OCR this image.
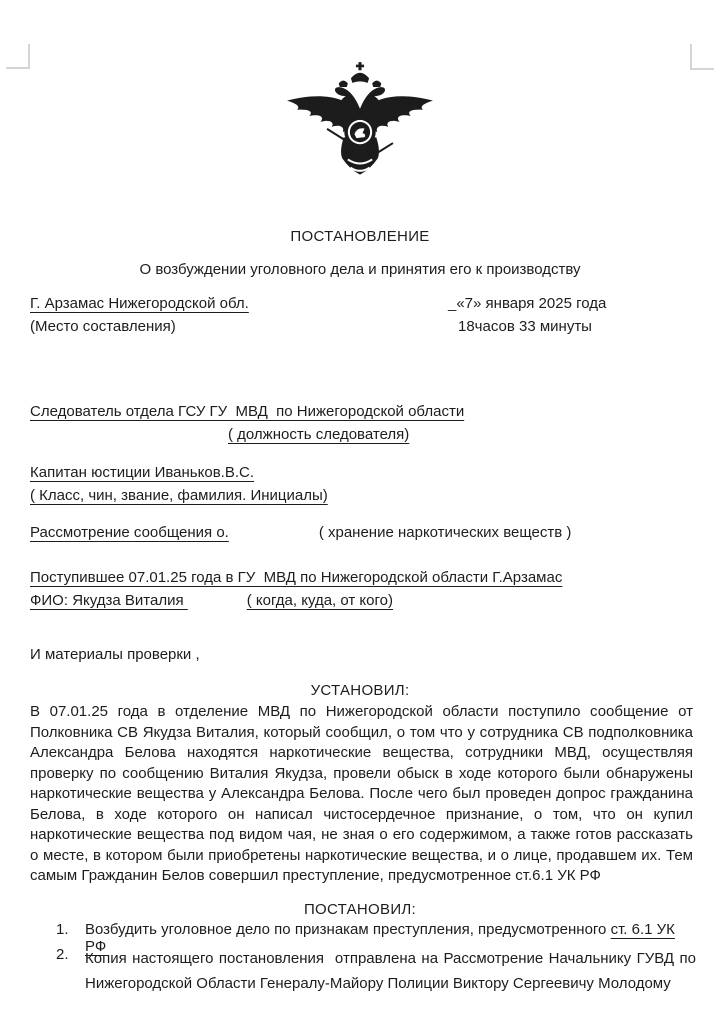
ПОСТАНОВЛЕНИЕ
О возбуждении уголовного дела и принятия его к производству
Г. Арзамас Нижегородской обл.
(Место составления)
_«7» января 2025 года
18часов 33 минуты
Следователь отдела ГСУ ГУ  МВД  по Нижегородской области
( должность следователя)
Капитан юстиции Иваньков.В.С.
( Класс, чин, звание, фамилия. Инициалы)
Рассмотрение сообщения о.	( хранение наркотических веществ )
Поступившее 07.01.25 года в ГУ  МВД по Нижегородской области Г.Арзамас
ФИО: Якудза Виталия	( когда, куда, от кого)
И материалы проверки ,
УСТАНОВИЛ:
В 07.01.25 года в отделение МВД по Нижегородской области поступило сообщение от Полковника СВ Якудза Виталия, который сообщил, о том что у сотрудника СВ подполковника Александра Белова находятся наркотические вещества, сотрудники МВД, осуществляя проверку по сообщению Виталия Якудза, провели обыск в ходе которого были обнаружены наркотические вещества у Александра Белова. После чего был проведен допрос гражданина Белова, в ходе которого он написал чистосердечное признание, о том, что он купил наркотические вещества под видом чая, не зная о его содержимом, а также готов рассказать о месте, в котором были приобретены наркотические вещества, и о лице, продавшем их. Тем самым Гражданин Белов совершил преступление, предусмотренное ст.6.1 УК РФ
ПОСТАНОВИЛ:
1. Возбудить уголовное дело по признакам преступления, предусмотренного ст. 6.1 УК РФ
2. Копия настоящего постановления  отправлена на Рассмотрение Начальнику ГУВД по Нижегородской Области Генералу-Майору Полиции Виктору Сергеевичу Молодому
